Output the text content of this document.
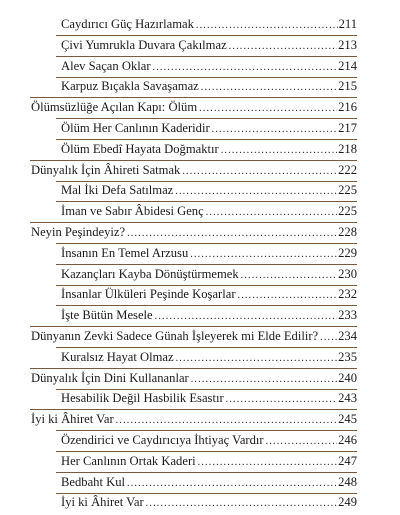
Caydırıcı Güç Hazırlamak .....	211
Çivi Yumrukla Duvara Çakılmaz .....	213
Alev Saçan Oklar .....	214
Karpuz Bıçakla Savaşamaz .....	215
Ölümsüzlüğe Açılan Kapı: Ölüm .....	216
Ölüm Her Canlının Kaderidir .....	217
Ölüm Ebedî Hayata Doğmaktır .....	218
Dünyalık İçin Âhireti Satmak .....	222
Mal İki Defa Satılmaz .....	225
İman ve Sabır Âbidesi Genç .....	225
Neyin Peşindeyiz? .....	228
İnsanın En Temel Arzusu .....	229
Kazançları Kayba Dönüştürmemek .....	230
İnsanlar Ülküleri Peşinde Koşarlar .....	232
İşte Bütün Mesele .....	233
Dünyanın Zevki Sadece Günah İşleyerek mi Elde Edilir? ..... 234
Kuralsız Hayat Olmaz .....	235
Dünyalık İçin Dini Kullananlar .....	240
Hesabilik Değil Hasbilik Esastır .....	243
İyi ki Âhiret Var .....	245
Özendirici ve Caydırıcıya İhtiyaç Vardır .....	246
Her Canlının Ortak Kaderi .....	247
Bedbaht Kul .....	248
İyi ki Âhiret Var .....	249
